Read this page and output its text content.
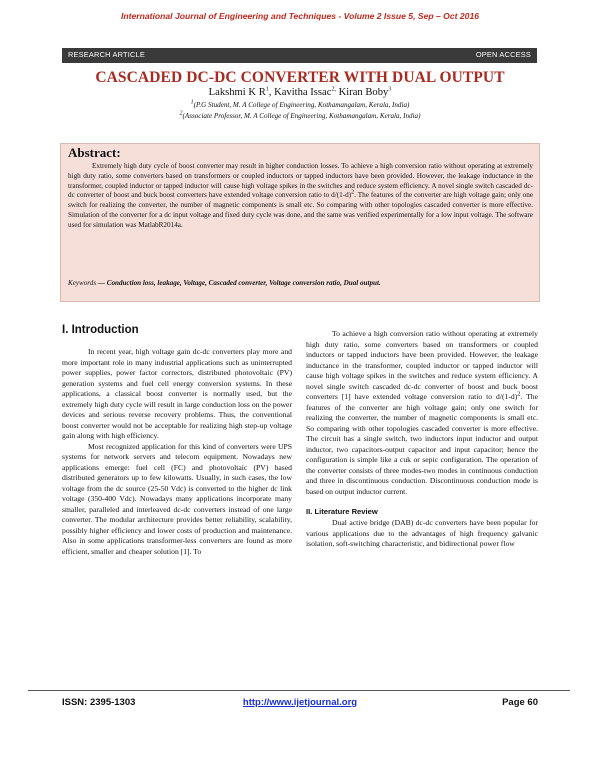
International Journal of Engineering and Techniques - Volume 2 Issue 5, Sep – Oct 2016
RESEARCH ARTICLE	OPEN ACCESS
CASCADED DC-DC CONVERTER WITH DUAL OUTPUT
Lakshmi K $R^1$, Kavitha Issac$^{2,}$ Kiran Boby$^3$
$^1$(P.G Student, M. A College of Engineering, Kothamangalam, Kerala, India)
$^2$(Associate Professor, M. A College of Engineering, Kothamangalam, Kerala, India)
Abstract:
Extremely high duty cycle of boost converter may result in higher conduction losses. To achieve a high conversion ratio without operating at extremely high duty ratio, some converters based on transformers or coupled inductors or tapped inductors have been provided. However, the leakage inductance in the transformer, coupled inductor or tapped inductor will cause high voltage spikes in the switches and reduce system efficiency. A novel single switch cascaded dc-dc converter of boost and buck boost converters have extended voltage conversion ratio to $d/(1-d)^2$. The features of the converter are high voltage gain; only one switch for realizing the converter, the number of magnetic components is small etc. So comparing with other topologies cascaded converter is more effective. Simulation of the converter for a dc input voltage and fixed duty cycle was done, and the same was verified experimentally for a low input voltage. The software used for simulation was MatlabR2014a.
Keywords — Conduction loss, leakage, Voltage, Cascaded converter, Voltage conversion ratio, Dual output.
I. Introduction

In recent year, high voltage gain dc-dc converters play more and more important role in many industrial applications such as uninterrupted power supplies, power factor correctors, distributed photovoltaic (PV) generation systems and fuel cell energy conversion systems. In these applications, a classical boost converter is normally used, but the extremely high duty cycle will result in large conduction loss on the power devices and serious reverse recovery problems. Thus, the conventional boost converter would not be acceptable for realizing high step-up voltage gain along with high efficiency.

Most recognized application for this kind of converters were UPS systems for network servers and telecom equipment. Nowadays new applications emerge: fuel cell (FC) and photovoltaic (PV) based distributed generators up to few kilowatts. Usually, in such cases, the low voltage from the dc source (25-50 Vdc) is converted to the higher dc link voltage (350-400 Vdc). Nowadays many applications incorporate many smaller, paralleled and interleaved dc-dc converters instead of one large converter. The modular architecture provides better reliability, scalability, possibly higher efficiency and lower costs of production and maintenance. Also in some applications transformer-less converters are found as more efficient, smaller and cheaper solution [1]. To

To achieve a high conversion ratio without operating at extremely high duty ratio, some converters based on transformers or coupled inductors or tapped inductors have been provided. However, the leakage inductance in the transformer, coupled inductor or tapped inductor will cause high voltage spikes in the switches and reduce system efficiency. A novel single switch cascaded dc-dc converter of boost and buck boost converters [1] have extended voltage conversion ratio to $d/(1-d)^2$. The features of the converter are high voltage gain; only one switch for realizing the converter, the number of magnetic components is small etc. So comparing with other topologies cascaded converter is more effective. The circuit has a single switch, two inductors input inductor and output inductor, two capacitors-output capacitor and input capacitor; hence the configuration is simple like a cuk or sepic configuration. The operation of the converter consists of three modes-two modes in continuous conduction and three in discontinuous conduction. Discontinuous conduction mode is based on output inductor current.

II. Literature Review

Dual active bridge (DAB) dc-dc converters have been popular for various applications due to the advantages of high frequency galvanic isolation, soft-switching characteristic, and bidirectional power flow

ISSN: 2395-1303	http://www.ijetjournal.org	Page 60
